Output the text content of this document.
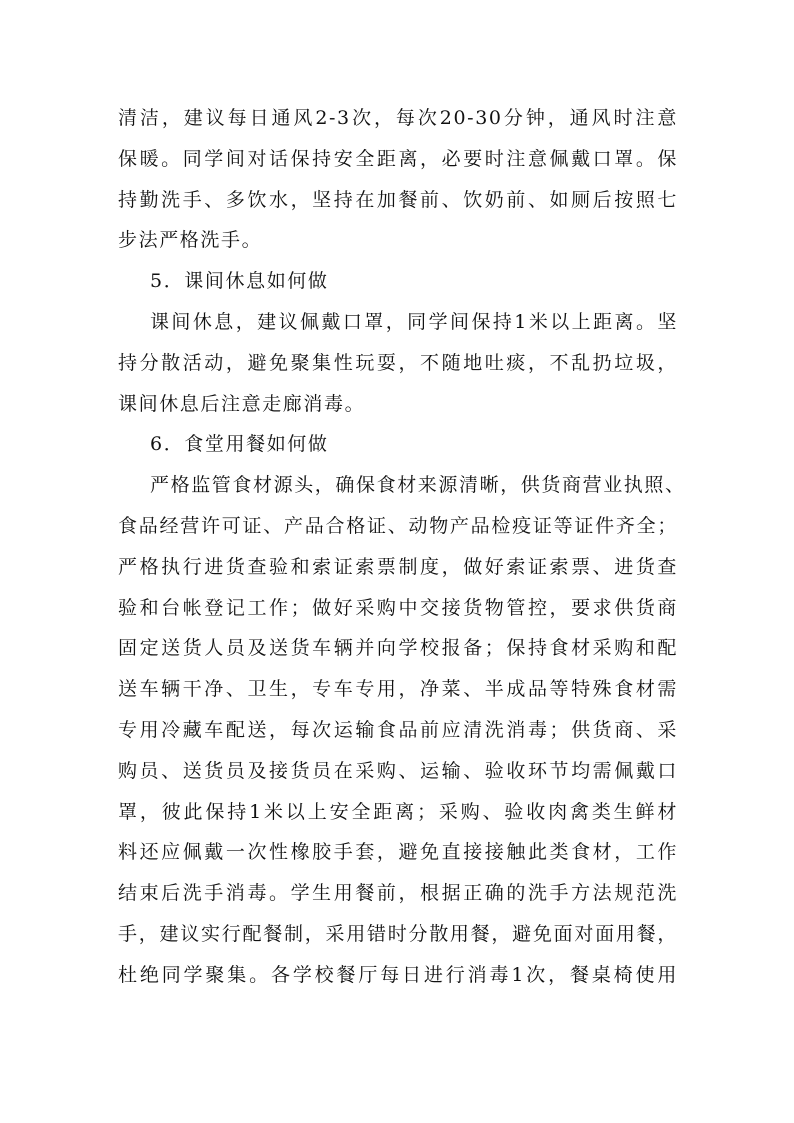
清洁，建议每日通风2-3次，每次20-30分钟，通风时注意
保暖。同学间对话保持安全距离，必要时注意佩戴口罩。保
持勤洗手、多饮水，坚持在加餐前、饮奶前、如厕后按照七
步法严格洗手。
5．课间休息如何做
课间休息，建议佩戴口罩，同学间保持1米以上距离。坚
持分散活动，避免聚集性玩耍，不随地吐痰，不乱扔垃圾，
课间休息后注意走廊消毒。
6．食堂用餐如何做
严格监管食材源头，确保食材来源清晰，供货商营业执照、
食品经营许可证、产品合格证、动物产品检疫证等证件齐全；
严格执行进货查验和索证索票制度，做好索证索票、进货查
验和台帐登记工作；做好采购中交接货物管控，要求供货商
固定送货人员及送货车辆并向学校报备；保持食材采购和配
送车辆干净、卫生，专车专用，净菜、半成品等特殊食材需
专用冷藏车配送，每次运输食品前应清洗消毒；供货商、采
购员、送货员及接货员在采购、运输、验收环节均需佩戴口
罩，彼此保持1米以上安全距离；采购、验收肉禽类生鲜材
料还应佩戴一次性橡胶手套，避免直接接触此类食材，工作
结束后洗手消毒。学生用餐前，根据正确的洗手方法规范洗
手，建议实行配餐制，采用错时分散用餐，避免面对面用餐，
杜绝同学聚集。各学校餐厅每日进行消毒1次，餐桌椅使用
